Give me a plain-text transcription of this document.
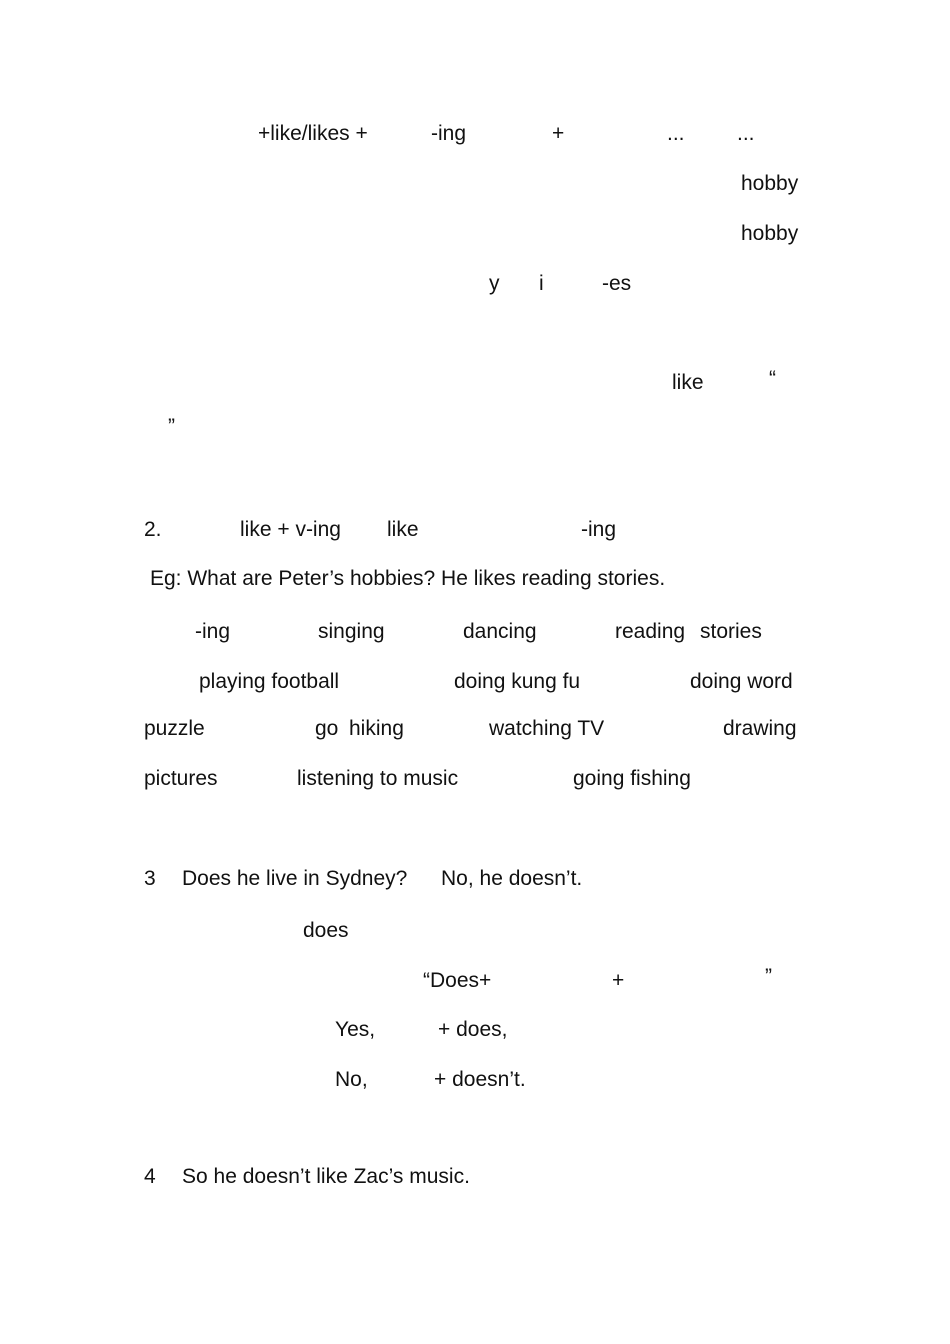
+like/likes +	-ing	+	... ...
hobby
hobby
y i	-es
like	“
”
2.	like + v-ing like	-ing
Eg: What are Peter’s hobbies? He likes reading stories.
-ing	singing	dancing	reading stories
playing football	doing kung fu	doing word
puzzle	go hiking	watching TV	drawing
pictures	listening to music	going fishing
3 Does he live in Sydney? No, he doesn’t.
does
“Does+	+	”
Yes,	+ does,
No,	+ doesn’t.
4 So he doesn’t like Zac’s music.
